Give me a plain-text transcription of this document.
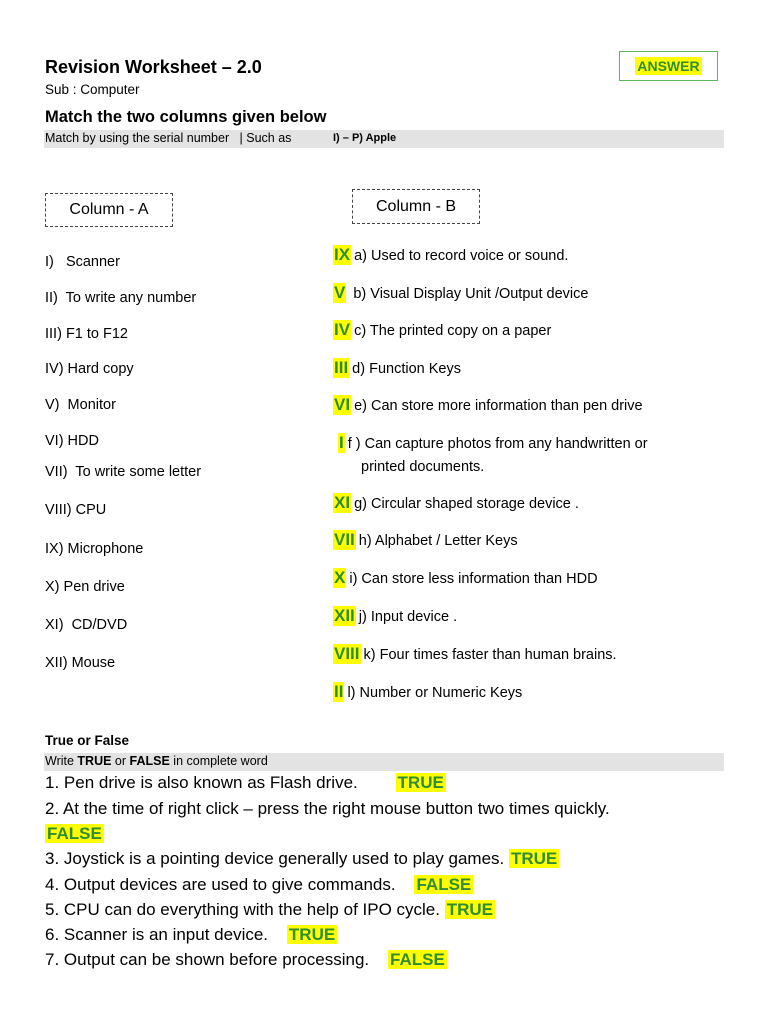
Revision Worksheet – 2.0
Sub : Computer
ANSWER
Match the two columns given below
Match by using the serial number   | Such as	I) – P) Apple
Column - A	Column - B
I)   Scanner
II)  To write any number
III) F1 to F12
IV) Hard copy
V)  Monitor
VI) HDD
VII)  To write some letter
VIII) CPU
IX) Microphone
X) Pen drive
XI)  CD/DVD
XII) Mouse
IX a) Used to record voice or sound.
V b) Visual Display Unit /Output device
IV c) The printed copy on a paper
III d) Function Keys
VI e) Can store more information than pen drive
I f ) Can capture photos from any handwritten or
printed documents.
XI g) Circular shaped storage device .
VII h) Alphabet / Letter Keys
X i) Can store less information than HDD
XII j) Input device .
VIII k) Four times faster than human brains.
II l) Number or Numeric Keys
True or False
Write TRUE or FALSE in complete word
1. Pen drive is also known as Flash drive.        TRUE
2. At the time of right click – press the right mouse button two times quickly.
FALSE
3. Joystick is a pointing device generally used to play games. TRUE
4. Output devices are used to give commands.    FALSE
5. CPU can do everything with the help of IPO cycle. TRUE
6. Scanner is an input device.    TRUE
7. Output can be shown before processing.    FALSE
